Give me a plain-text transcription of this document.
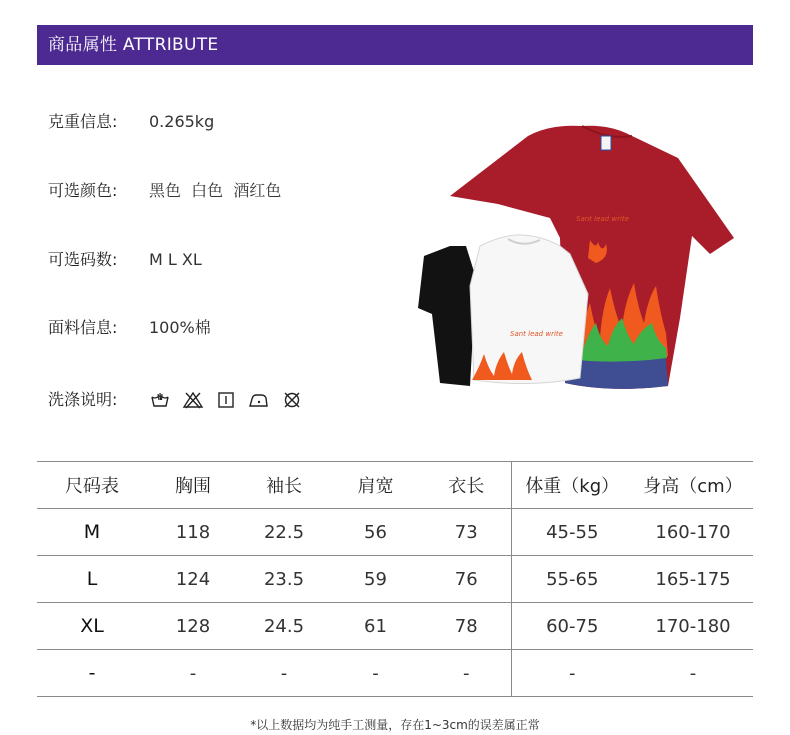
商品属性 ATTRIBUTE
克重信息: 0.265kg
可选颜色: 黑色  白色  酒红色
可选码数: M L XL
面料信息: 100%棉
洗涤说明:
Sant lead write
Sant lead write
尺码表	胸围	袖长	肩宽	衣长	体重（kg）	身高（cm）
M	118	22.5	56	73	45-55	160-170
L	124	23.5	59	76	55-65	165-175
XL	128	24.5	61	78	60-75	170-180
-	-	-	-	-	-	-
*以上数据均为纯手工测量，存在1~3cm的误差属正常
